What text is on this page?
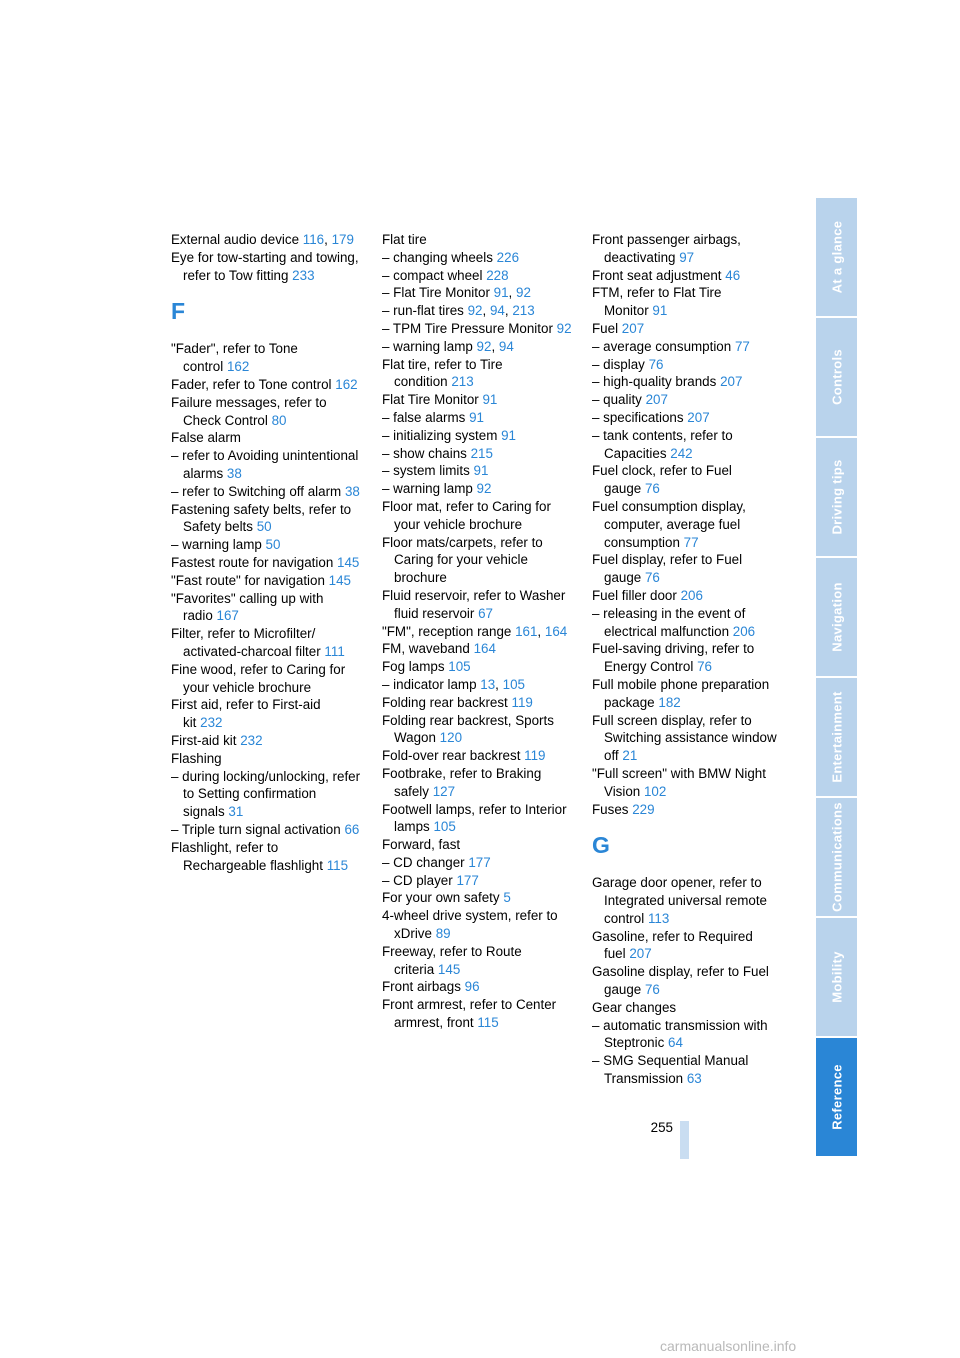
External audio device 116, 179
Eye for tow-starting and towing, refer to Tow fitting 233
F
"Fader", refer to Tone control 162
Fader, refer to Tone control 162
Failure messages, refer to Check Control 80
False alarm
– refer to Avoiding unintentional alarms 38
– refer to Switching off alarm 38
Fastening safety belts, refer to Safety belts 50
– warning lamp 50
Fastest route for navigation 145
"Fast route" for navigation 145
"Favorites" calling up with radio 167
Filter, refer to Microfilter/ activated-charcoal filter 111
Fine wood, refer to Caring for your vehicle brochure
First aid, refer to First-aid kit 232
First-aid kit 232
Flashing
– during locking/unlocking, refer to Setting confirmation signals 31
– Triple turn signal activation 66
Flashlight, refer to Rechargeable flashlight 115
Flat tire
– changing wheels 226
– compact wheel 228
– Flat Tire Monitor 91, 92
– run-flat tires 92, 94, 213
– TPM Tire Pressure Monitor 92
– warning lamp 92, 94
Flat tire, refer to Tire condition 213
Flat Tire Monitor 91
– false alarms 91
– initializing system 91
– show chains 215
– system limits 91
– warning lamp 92
Floor mat, refer to Caring for your vehicle brochure
Floor mats/carpets, refer to Caring for your vehicle brochure
Fluid reservoir, refer to Washer fluid reservoir 67
"FM", reception range 161, 164
FM, waveband 164
Fog lamps 105
– indicator lamp 13, 105
Folding rear backrest 119
Folding rear backrest, Sports Wagon 120
Fold-over rear backrest 119
Footbrake, refer to Braking safely 127
Footwell lamps, refer to Interior lamps 105
Forward, fast
– CD changer 177
– CD player 177
For your own safety 5
4-wheel drive system, refer to xDrive 89
Freeway, refer to Route criteria 145
Front airbags 96
Front armrest, refer to Center armrest, front 115
Front passenger airbags, deactivating 97
Front seat adjustment 46
FTM, refer to Flat Tire Monitor 91
Fuel 207
– average consumption 77
– display 76
– high-quality brands 207
– quality 207
– specifications 207
– tank contents, refer to Capacities 242
Fuel clock, refer to Fuel gauge 76
Fuel consumption display, computer, average fuel consumption 77
Fuel display, refer to Fuel gauge 76
Fuel filler door 206
– releasing in the event of electrical malfunction 206
Fuel-saving driving, refer to Energy Control 76
Full mobile phone preparation package 182
Full screen display, refer to Switching assistance window off 21
"Full screen" with BMW Night Vision 102
Fuses 229
G
Garage door opener, refer to Integrated universal remote control 113
Gasoline, refer to Required fuel 207
Gasoline display, refer to Fuel gauge 76
Gear changes
– automatic transmission with Steptronic 64
– SMG Sequential Manual Transmission 63
255
At a glance
Controls
Driving tips
Navigation
Entertainment
Communications
Mobility
Reference
carmanualsonline.info
